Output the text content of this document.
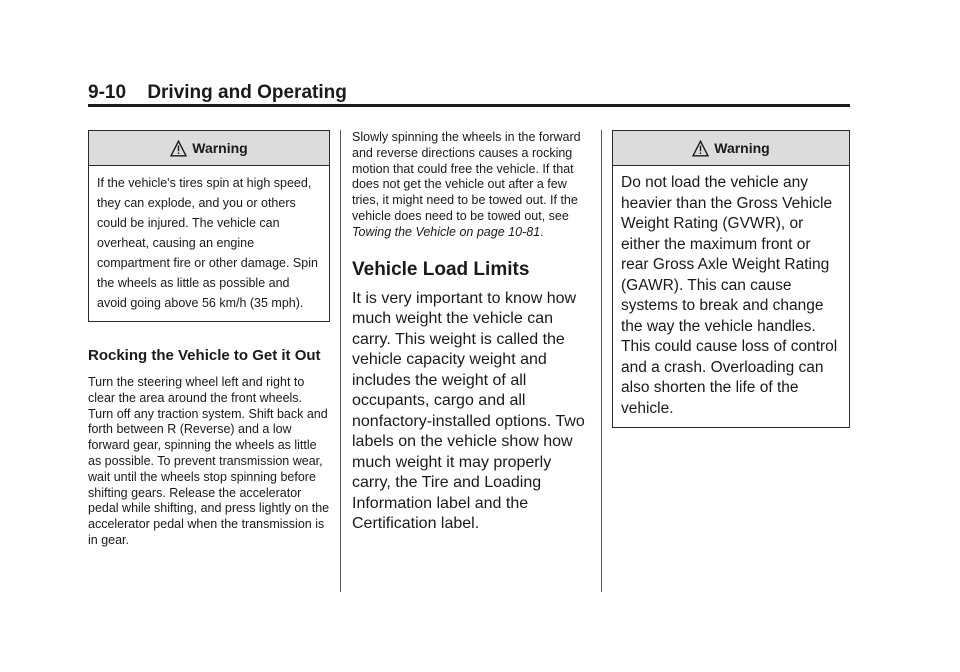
9-10 Driving and Operating
Warning
If the vehicle's tires spin at high speed, they can explode, and you or others could be injured. The vehicle can overheat, causing an engine compartment fire or other damage. Spin the wheels as little as possible and avoid going above 56 km/h (35 mph).
Rocking the Vehicle to Get it Out

Turn the steering wheel left and right to clear the area around the front wheels. Turn off any traction system. Shift back and forth between R (Reverse) and a low forward gear, spinning the wheels as little as possible. To prevent transmission wear, wait until the wheels stop spinning before shifting gears. Release the accelerator pedal while shifting, and press lightly on the accelerator pedal when the transmission is in gear.

Slowly spinning the wheels in the forward and reverse directions causes a rocking motion that could free the vehicle. If that does not get the vehicle out after a few tries, it might need to be towed out. If the vehicle does need to be towed out, see Towing the Vehicle on page 10-81.

Vehicle Load Limits

It is very important to know how much weight the vehicle can carry. This weight is called the vehicle capacity weight and includes the weight of all occupants, cargo and all nonfactory-installed options. Two labels on the vehicle show how much weight it may properly carry, the Tire and Loading Information label and the Certification label.

Warning
Do not load the vehicle any heavier than the Gross Vehicle Weight Rating (GVWR), or either the maximum front or rear Gross Axle Weight Rating (GAWR). This can cause systems to break and change the way the vehicle handles. This could cause loss of control and a crash. Overloading can also shorten the life of the vehicle.
